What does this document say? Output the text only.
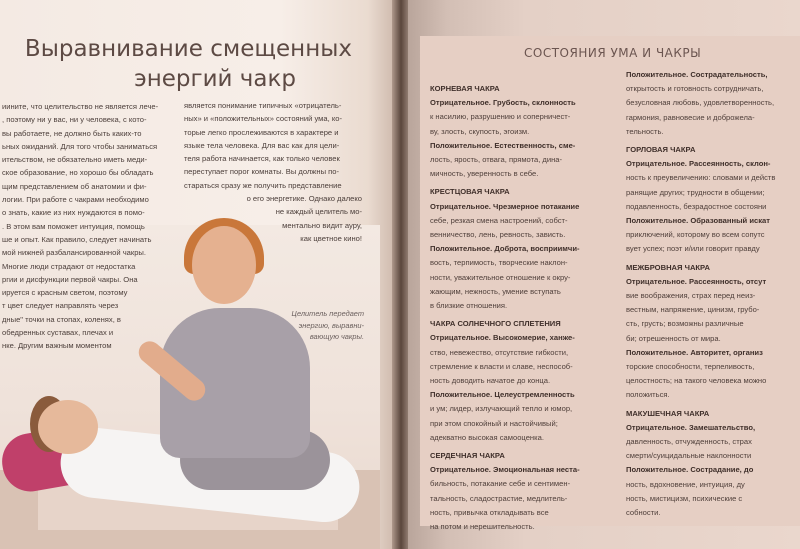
Выравнивание смещенных
энергий чакр
иините, что целительство не является лече-
, поэтому ни у вас, ни у человека, с кото-
вы работаете, не должно быть каких-то
ьных ожиданий. Для того чтобы заниматься
ительством, не обязательно иметь меди-
ское образование, но хорошо бы обладать
щим представлением об анатомии и фи-
логии. При работе с чакрами необходимо
о знать, какие из них нуждаются в помо-
. В этом вам поможет интуиция, помощь
ше и опыт. Как правило, следует начинать
мой нижней разбалансированной чакры.
Многие люди страдают от недостатка
ргии и дисфункции первой чакры. Она
ируется с красным светом, поэтому
т цвет следует направлять через
дные" точки на стопах, коленях, в
обедренных суставах, плечах и
нке. Другим важным моментом
является понимание типичных «отрицатель-
ных» и «положительных» состояний ума, ко-
торые легко прослеживаются в характере и
языке тела человека. Для вас как для цели-
теля работа начинается, как только человек
переступает порог комнаты. Вы должны по-
стараться сразу же получить представление
о его энергетике. Однако далеко
не каждый целитель мо-
ментально видит ауру,
как цветное кино!
Целитель передает
энергию, выравни-
вающую чакры.
СОСТОЯНИЯ УМА И ЧАКРЫ
КОРНЕВАЯ ЧАКРА
Отрицательное. Грубость, склонность
к насилию, разрушению и соперничест-
ву, злость, скупость, эгоизм.
Положительное. Естественность, сме-
лость, ярость, отвага, прямота, дина-
мичность, уверенность в себе.
КРЕСТЦОВАЯ ЧАКРА
Отрицательное. Чрезмерное потакание
себе, резкая смена настроений, собст-
венничество, лень, ревность, зависть.
Положительное. Доброта, восприимчи-
вость, терпимость, творческие наклон-
ности, уважительное отношение к окру-
жающим, нежность, умение вступать
в близкие отношения.
ЧАКРА СОЛНЕЧНОГО СПЛЕТЕНИЯ
Отрицательное. Высокомерие, ханже-
ство, невежество, отсутствие гибкости,
стремление к власти и славе, неспособ-
ность доводить начатое до конца.
Положительное. Целеустремленность
и ум; лидер, излучающий тепло и юмор,
при этом спокойный и настойчивый;
адекватно высокая самооценка.
СЕРДЕЧНАЯ ЧАКРА
Отрицательное. Эмоциональная неста-
бильность, потакание себе и сентимен-
тальность, сладострастие, медлитель-
ность, привычка откладывать все
на потом и нерешительность.
Положительное. Сострадательность,
открытость и готовность сотрудничать,
безусловная любовь, удовлетворенность,
гармония, равновесие и доброжела-
тельность.
ГОРЛОВАЯ ЧАКРА
Отрицательное. Рассеянность, склон-
ность к преувеличению: словами и действ
ранящие других; трудности в общении;
подавленность, безрадостное состояни
Положительное. Образованный искат
приключений, которому во всем сопутс
вует успех; поэт и/или говорит правду
МЕЖБРОВНАЯ ЧАКРА
Отрицательное. Рассеянность, отсут
вие воображения, страх перед неиз-
вестным, напряжение, цинизм, грубо-
сть, грусть; возможны различные
би; отрешенность от мира.
Положительное. Авторитет, организ
торские способности, терпеливость,
целостность; на такого человека можно
положиться.
МАКУШЕЧНАЯ ЧАКРА
Отрицательное. Замешательство,
давленность, отчужденность, страх
смерти/суицидальные наклонности
Положительное. Сострадание, до
ность, вдохновение, интуиция, ду
ность, мистицизм, психические с
собности.
